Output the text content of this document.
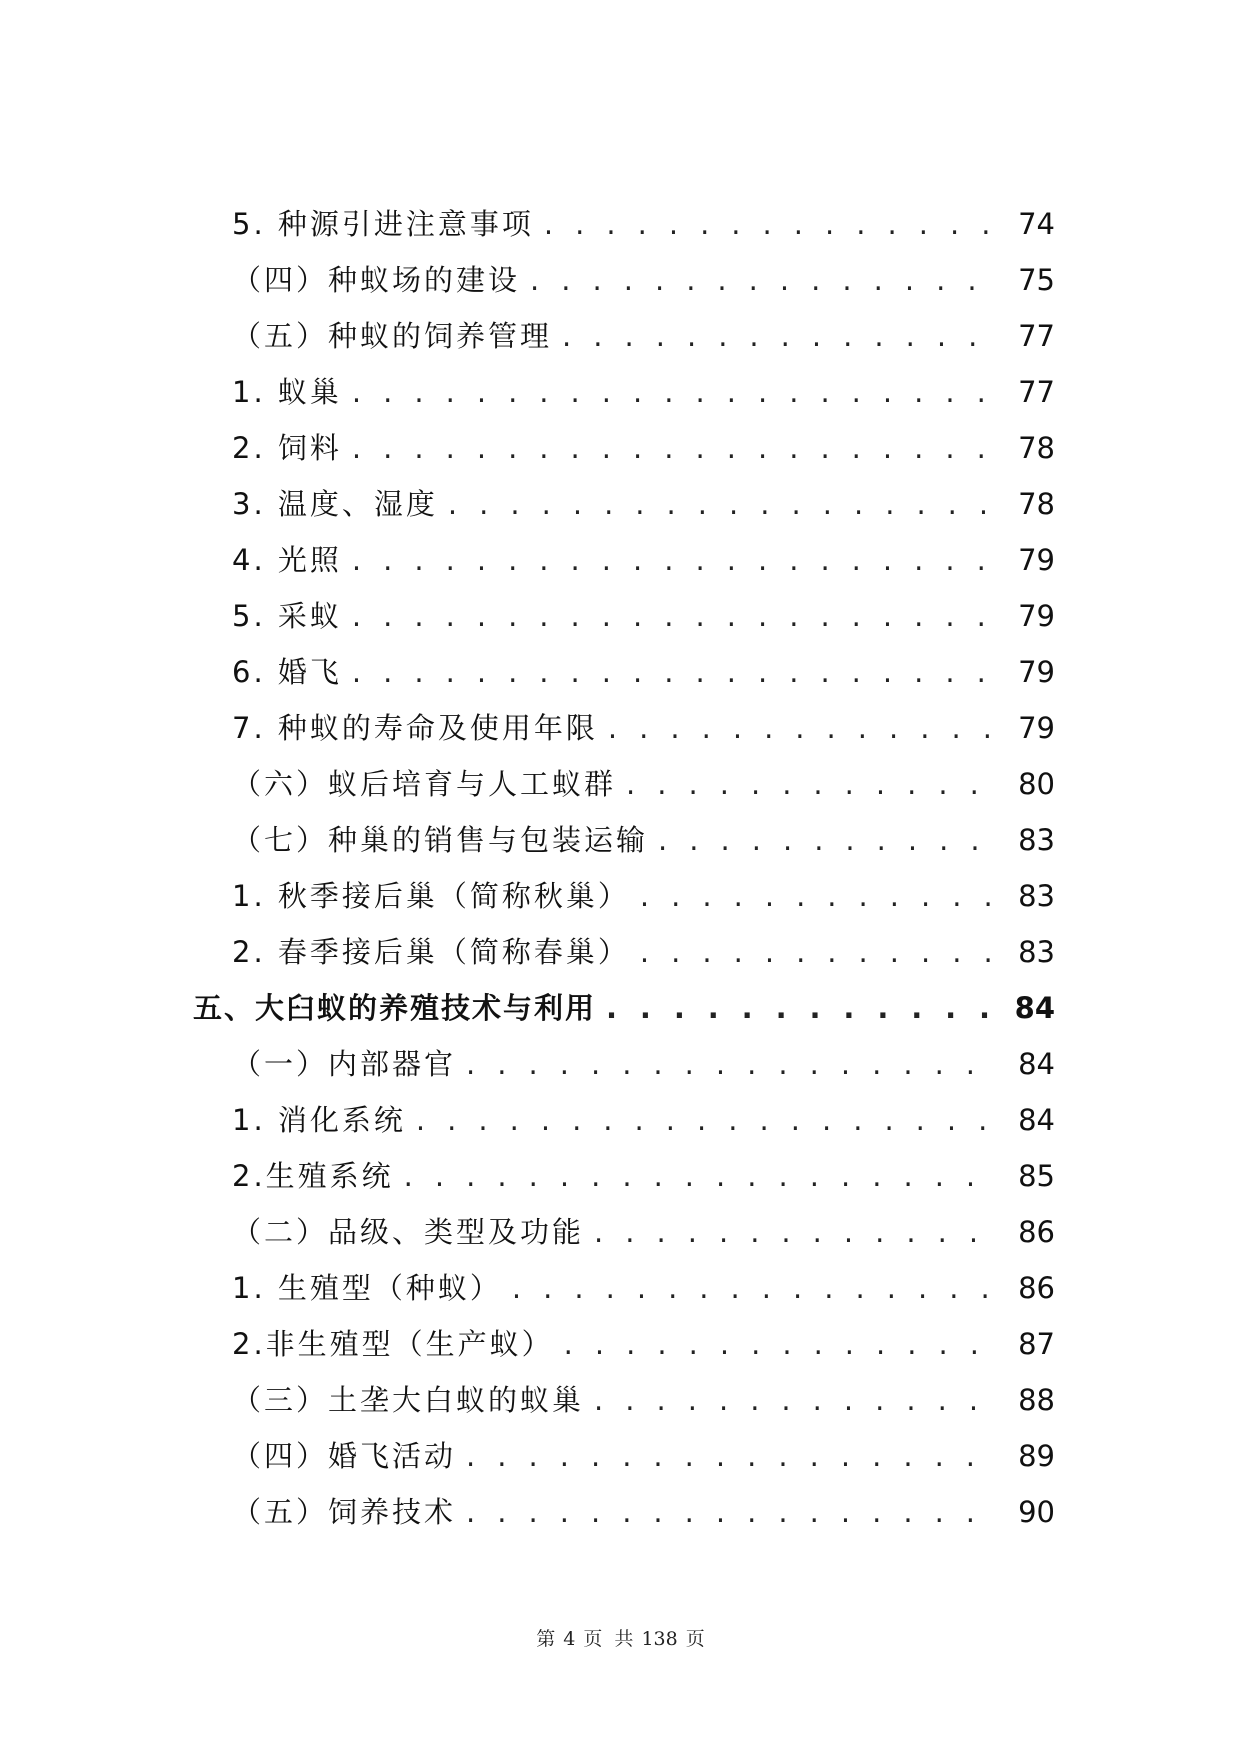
5. 种源引进注意事项 . . .	74
（四）种蚁场的建设 . . .	75
（五）种蚁的饲养管理 . . .	77
1. 蚁巢 . . .	77
2. 饲料 . . .	78
3. 温度、湿度 . . .	78
4. 光照 . . .	79
5. 采蚁 . . .	79
6. 婚飞 . . .	79
7. 种蚁的寿命及使用年限 . . .	79
（六）蚁后培育与人工蚁群 . . .	80
（七）种巢的销售与包装运输 . . .	83
1. 秋季接后巢（简称秋巢） . . .	83
2. 春季接后巢（简称春巢） . . .	83
五、大臼蚁的养殖技术与利用 . . .	84
（一）内部器官 . . .	84
1. 消化系统 . . .	84
2.生殖系统 . . .	85
（二）品级、类型及功能 . . .	86
1. 生殖型（种蚁） . . .	86
2.非生殖型（生产蚁） . . .	87
（三）土垄大白蚁的蚁巢 . . .	88
（四）婚飞活动 . . .	89
（五）饲养技术 . . .	90
第 4 页 共 138 页
